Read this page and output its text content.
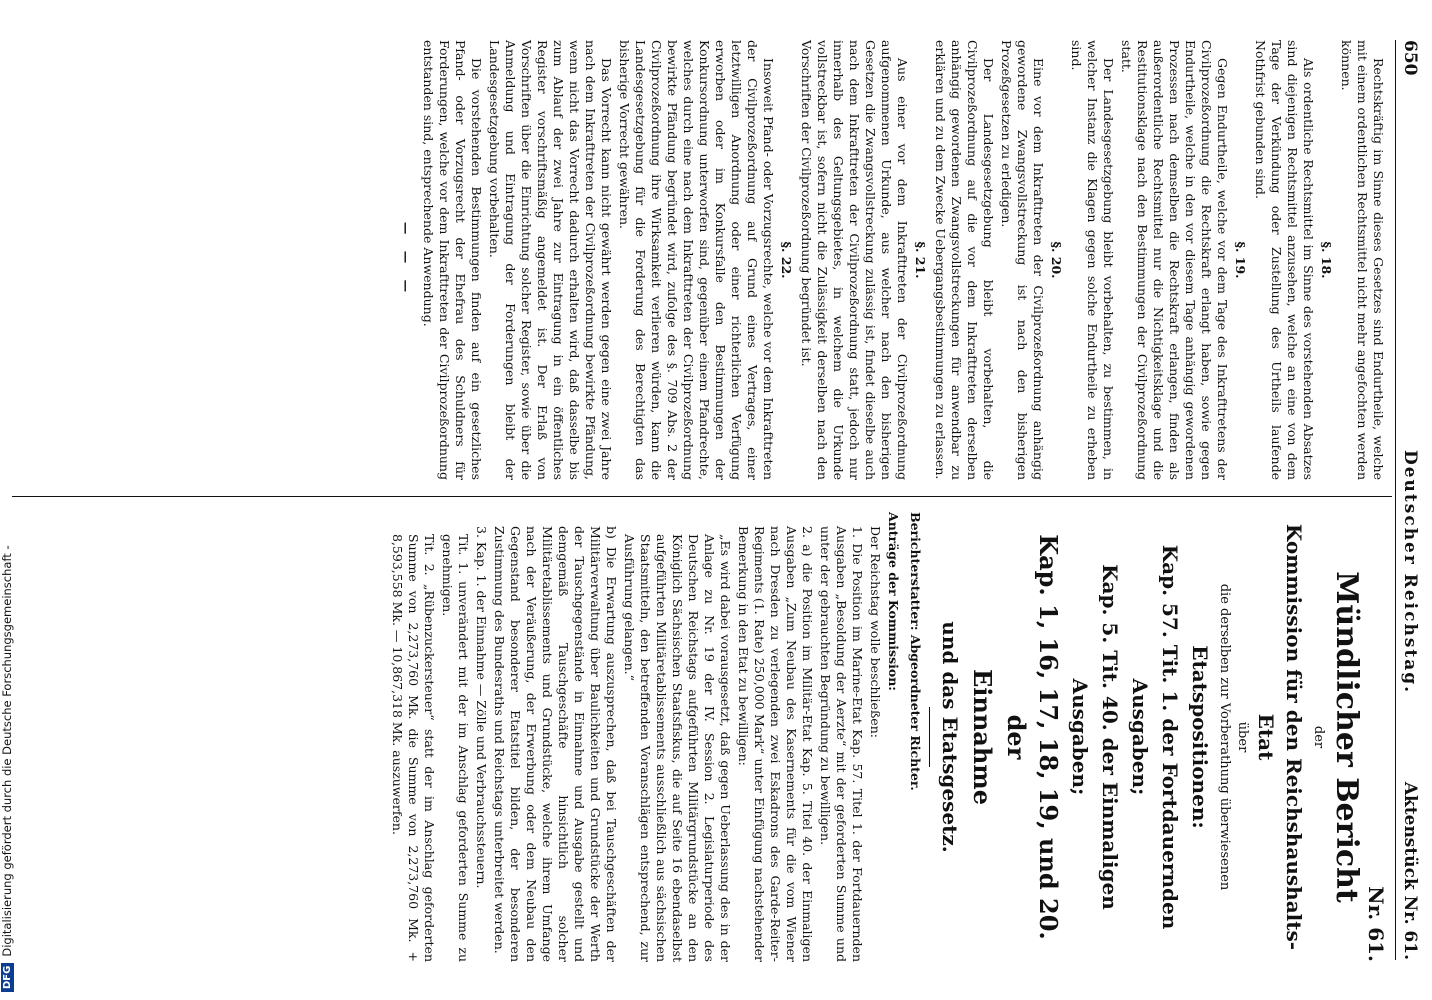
650
Deutscher Reichstag.
Aktenstück Nr. 61.

Rechtskräftig im Sinne dieses Gesetzes sind Endurtheile, welche mit einem ordentlichen Rechtsmittel nicht mehr angefochten werden können.

§. 18.

Als ordentliche Rechtsmittel im Sinne des vorstehenden Absatzes sind diejenigen Rechtsmittel anzusehen, welche an eine von dem Tage der Verkündung oder Zustellung des Urtheils laufende Nothfrist gebunden sind.

§. 19.

Gegen Endurtheile, welche vor dem Tage des Inkrafttretens der Civilprozeßordnung die Rechtskraft erlangt haben, sowie gegen Endurtheile, welche in den vor diesem Tage anhängig gewordenen Prozessen nach demselben die Rechtskraft erlangen, finden als außerordentliche Rechtsmittel nur die Nichtigkeitsklage und die Restitutionsklage nach den Bestimmungen der Civilprozeßordnung statt.

Der Landesgesetzgebung bleibt vorbehalten, zu bestimmen, in welcher Instanz die Klagen gegen solche Endurtheile zu erheben sind.

§. 20.

Eine vor dem Inkrafttreten der Civilprozeßordnung anhängig gewordene Zwangsvollstreckung ist nach den bisherigen Prozeßgesetzen zu erledigen.

Der Landesgesetzgebung bleibt vorbehalten, die Civilprozeßordnung auf die vor dem Inkrafttreten derselben anhängig gewordenen Zwangsvollstreckungen für anwendbar zu erklären und zu dem Zwecke Uebergangsbestimmungen zu erlassen.

§. 21.

Aus einer vor dem Inkrafttreten der Civilprozeßordnung aufgenommenen Urkunde, aus welcher nach den bisherigen Gesetzen die Zwangsvollstreckung zulässig ist, findet dieselbe auch nach dem Inkrafttreten der Civilprozeßordnung statt, jedoch nur innerhalb des Geltungsgebietes, in welchem die Urkunde vollstreckbar ist, sofern nicht die Zulässigkeit derselben nach den Vorschriften der Civilprozeßordnung begründet ist.

§. 22.

Insoweit Pfand- oder Vorzugsrechte, welche vor dem Inkrafttreten der Civilprozeßordnung auf Grund eines Vertrages, einer letztwilligen Anordnung oder einer richterlichen Verfügung erworben oder im Konkursfalle den Bestimmungen der Konkursordnung unterworfen sind, gegenüber einem Pfandrechte, welches durch eine nach dem Inkrafttreten der Civilprozeßordnung bewirkte Pfändung begründet wird, zufolge des §. 709 Abs. 2 der Civilprozeßordnung ihre Wirksamkeit verlieren würden, kann die Landesgesetzgebung für die Forderung des Berechtigten das bisherige Vorrecht gewähren.

Das Vorrecht kann nicht gewährt werden gegen eine zwei Jahre nach dem Inkrafttreten der Civilprozeßordnung bewirkte Pfändung, wenn nicht das Vorrecht dadurch erhalten wird, daß dasselbe bis zum Ablauf der zwei Jahre zur Eintragung in ein öffentliches Register vorschriftsmäßig angemeldet ist. Der Erlaß von Vorschriften über die Einrichtung solcher Register, sowie über die Anmeldung und Eintragung der Forderungen bleibt der Landesgesetzgebung vorbehalten.

Die vorstehenden Bestimmungen finden auf ein gesetzliches Pfand- oder Vorzugsrecht der Ehefrau des Schuldners für Forderungen, welche vor dem Inkrafttreten der Civilprozeßordnung entstanden sind, entsprechende Anwendung.

— — —
Nr. 61.
Mündlicher Bericht
der
Kommission für den Reichshaushalts-Etat
über
die derselben zur Vorberathung überwiesenen
Etatspositionen:
Kap. 57. Tit. 1. der Fortdauernden
Ausgaben;
Kap. 5. Tit. 40. der Einmaligen
Ausgaben;
Kap. 1, 16, 17, 18, 19, und 20. der
Einnahme
und das Etatsgesetz.
Berichterstatter: Abgeordneter Richter.
Anträge der Kommission:

Der Reichstag wolle beschließen:

1. Die Position im Marine-Etat Kap. 57. Titel 1. der Fortdauernden Ausgaben „Besoldung der Aerzte“ mit der geforderten Summe und unter der gebrauchten Begründung zu bewilligen.

2. a) die Position im Militär-Etat Kap. 5. Titel 40. der Einmaligen Ausgaben „Zum Neubau des Kasernements für die vom Wiener nach Dresden zu verlegenden zwei Eskadrons des Garde-Reiter-Regiments (1. Rate) 250,000 Mark“ unter Einfügung nachstehender Bemerkung in den Etat zu bewilligen:

„Es wird dabei vorausgesetzt, daß gegen Ueberlassung des in der Anlage zu Nr. 19 der IV. Session 2. Legislaturperiode des Deutschen Reichstags aufgeführten Militärgrundstücke an den Königlich Sächsischen Staatsfiskus, die auf Seite 16 ebendaselbst aufgeführten Militäretablissements ausschließlich aus sächsischen Staatsmitteln, den betreffenden Voranschlägen entsprechend, zur Ausführung gelangen.“

b) Die Erwartung auszusprechen, daß bei Tauschgeschäften der Militärverwaltung über Baulichkeiten und Grundstücke der Werth der Tauschgegenstände in Einnahme und Ausgabe gestellt und demgemäß Tauschgeschäfte hinsichtlich solcher Militäretablissements und Grundstücke, welche ihrem Umfange nach der Veräußerung, der Erwerbung oder dem Neubau den Gegenstand besonderer Etatstitel bilden, der besonderen Zustimmung des Bundesraths und Reichstags unterbreitet werden.

3. Kap. 1. der Einnahme — Zölle und Verbrauchssteuern.

Tit. 1. unverändert mit der im Anschlag geforderten Summe zu genehmigen.

Tit. 2. „Rübenzuckersteuer“ statt der im Anschlag geforderten Summe von 2,273,760 Mk. die Summe von 2,273,760 Mk. + 8,593,558 Mk. — 10,867,318 Mk. auszuwerfen.

DFGDigitalisierung gefördert durch die Deutsche Forschungsgemeinschaft -
